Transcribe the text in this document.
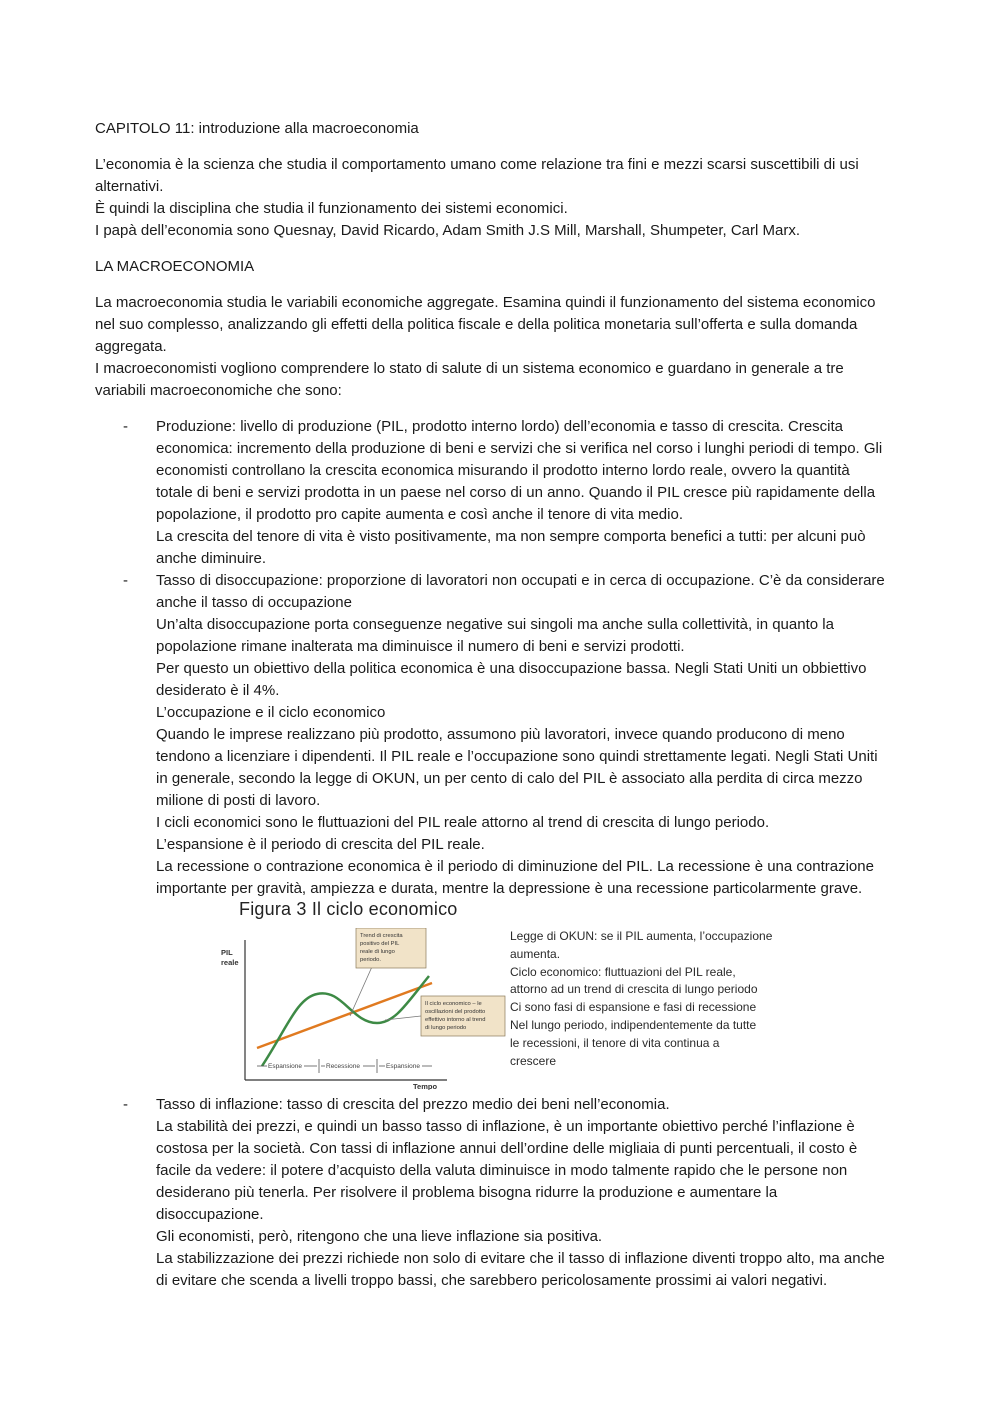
CAPITOLO 11: introduzione alla macroeconomia
L’economia è la scienza che studia il comportamento umano come relazione tra fini e mezzi scarsi suscettibili di usi
alternativi.
È quindi la disciplina che studia il funzionamento dei sistemi economici.
I papà dell’economia sono Quesnay, David Ricardo, Adam Smith J.S Mill, Marshall, Shumpeter, Carl Marx.
LA MACROECONOMIA
La macroeconomia studia le variabili economiche aggregate. Esamina quindi il funzionamento del sistema economico
nel suo complesso, analizzando gli effetti della politica fiscale e della politica monetaria sull’offerta e sulla domanda
aggregata.
I macroeconomisti vogliono comprendere lo stato di salute di un sistema economico e guardano in generale a tre
variabili macroeconomiche che sono:
- Produzione: livello di produzione (PIL, prodotto interno lordo) dell’economia e tasso di crescita. Crescita
economica: incremento della produzione di beni e servizi che si verifica nel corso i lunghi periodi di tempo. Gli
economisti controllano la crescita economica misurando il prodotto interno lordo reale, ovvero la quantità
totale di beni e servizi prodotta in un paese nel corso di un anno. Quando il PIL cresce più rapidamente della
popolazione, il prodotto pro capite aumenta e così anche il tenore di vita medio.
La crescita del tenore di vita è visto positivamente, ma non sempre comporta benefici a tutti: per alcuni può
anche diminuire.
- Tasso di disoccupazione: proporzione di lavoratori non occupati e in cerca di occupazione. C’è da considerare
anche il tasso di occupazione
Un’alta disoccupazione porta conseguenze negative sui singoli ma anche sulla collettività, in quanto la
popolazione rimane inalterata ma diminuisce il numero di beni e servizi prodotti.
Per questo un obiettivo della politica economica è una disoccupazione bassa. Negli Stati Uniti un obbiettivo
desiderato è il 4%.
L’occupazione e il ciclo economico
Quando le imprese realizzano più prodotto, assumono più lavoratori, invece quando producono di meno
tendono a licenziare i dipendenti. Il PIL reale e l’occupazione sono quindi strettamente legati. Negli Stati Uniti
in generale, secondo la legge di OKUN, un per cento di calo del PIL è associato alla perdita di circa mezzo
milione di posti di lavoro.
I cicli economici sono le fluttuazioni del PIL reale attorno al trend di crescita di lungo periodo.
L’espansione è il periodo di crescita del PIL reale.
La recessione o contrazione economica è il periodo di diminuzione del PIL. La recessione è una contrazione
importante per gravità, ampiezza e durata, mentre la depressione è una recessione particolarmente grave.
Figura 3 Il ciclo economico
PIL
reale
Tempo
Trend di crescita
positivo del PIL
reale di lungo
periodo.
Il ciclo economico – le
oscillazioni del prodotto
effettivo intorno al trend
di lungo periodo
Espansione	Recessione	Espansione
Legge di OKUN: se il PIL aumenta, l’occupazione
aumenta.
Ciclo economico: fluttuazioni del PIL reale,
attorno ad un trend di crescita di lungo periodo
Ci sono fasi di espansione e fasi di recessione
Nel lungo periodo, indipendentemente da tutte
le recessioni, il tenore di vita continua a
crescere
- Tasso di inflazione: tasso di crescita del prezzo medio dei beni nell’economia.
La stabilità dei prezzi, e quindi un basso tasso di inflazione, è un importante obiettivo perché l’inflazione è
costosa per la società. Con tassi di inflazione annui dell’ordine delle migliaia di punti percentuali, il costo è
facile da vedere: il potere d’acquisto della valuta diminuisce in modo talmente rapido che le persone non
desiderano più tenerla. Per risolvere il problema bisogna ridurre la produzione e aumentare la
disoccupazione.
Gli economisti, però, ritengono che una lieve inflazione sia positiva.
La stabilizzazione dei prezzi richiede non solo di evitare che il tasso di inflazione diventi troppo alto, ma anche
di evitare che scenda a livelli troppo bassi, che sarebbero pericolosamente prossimi ai valori negativi.
